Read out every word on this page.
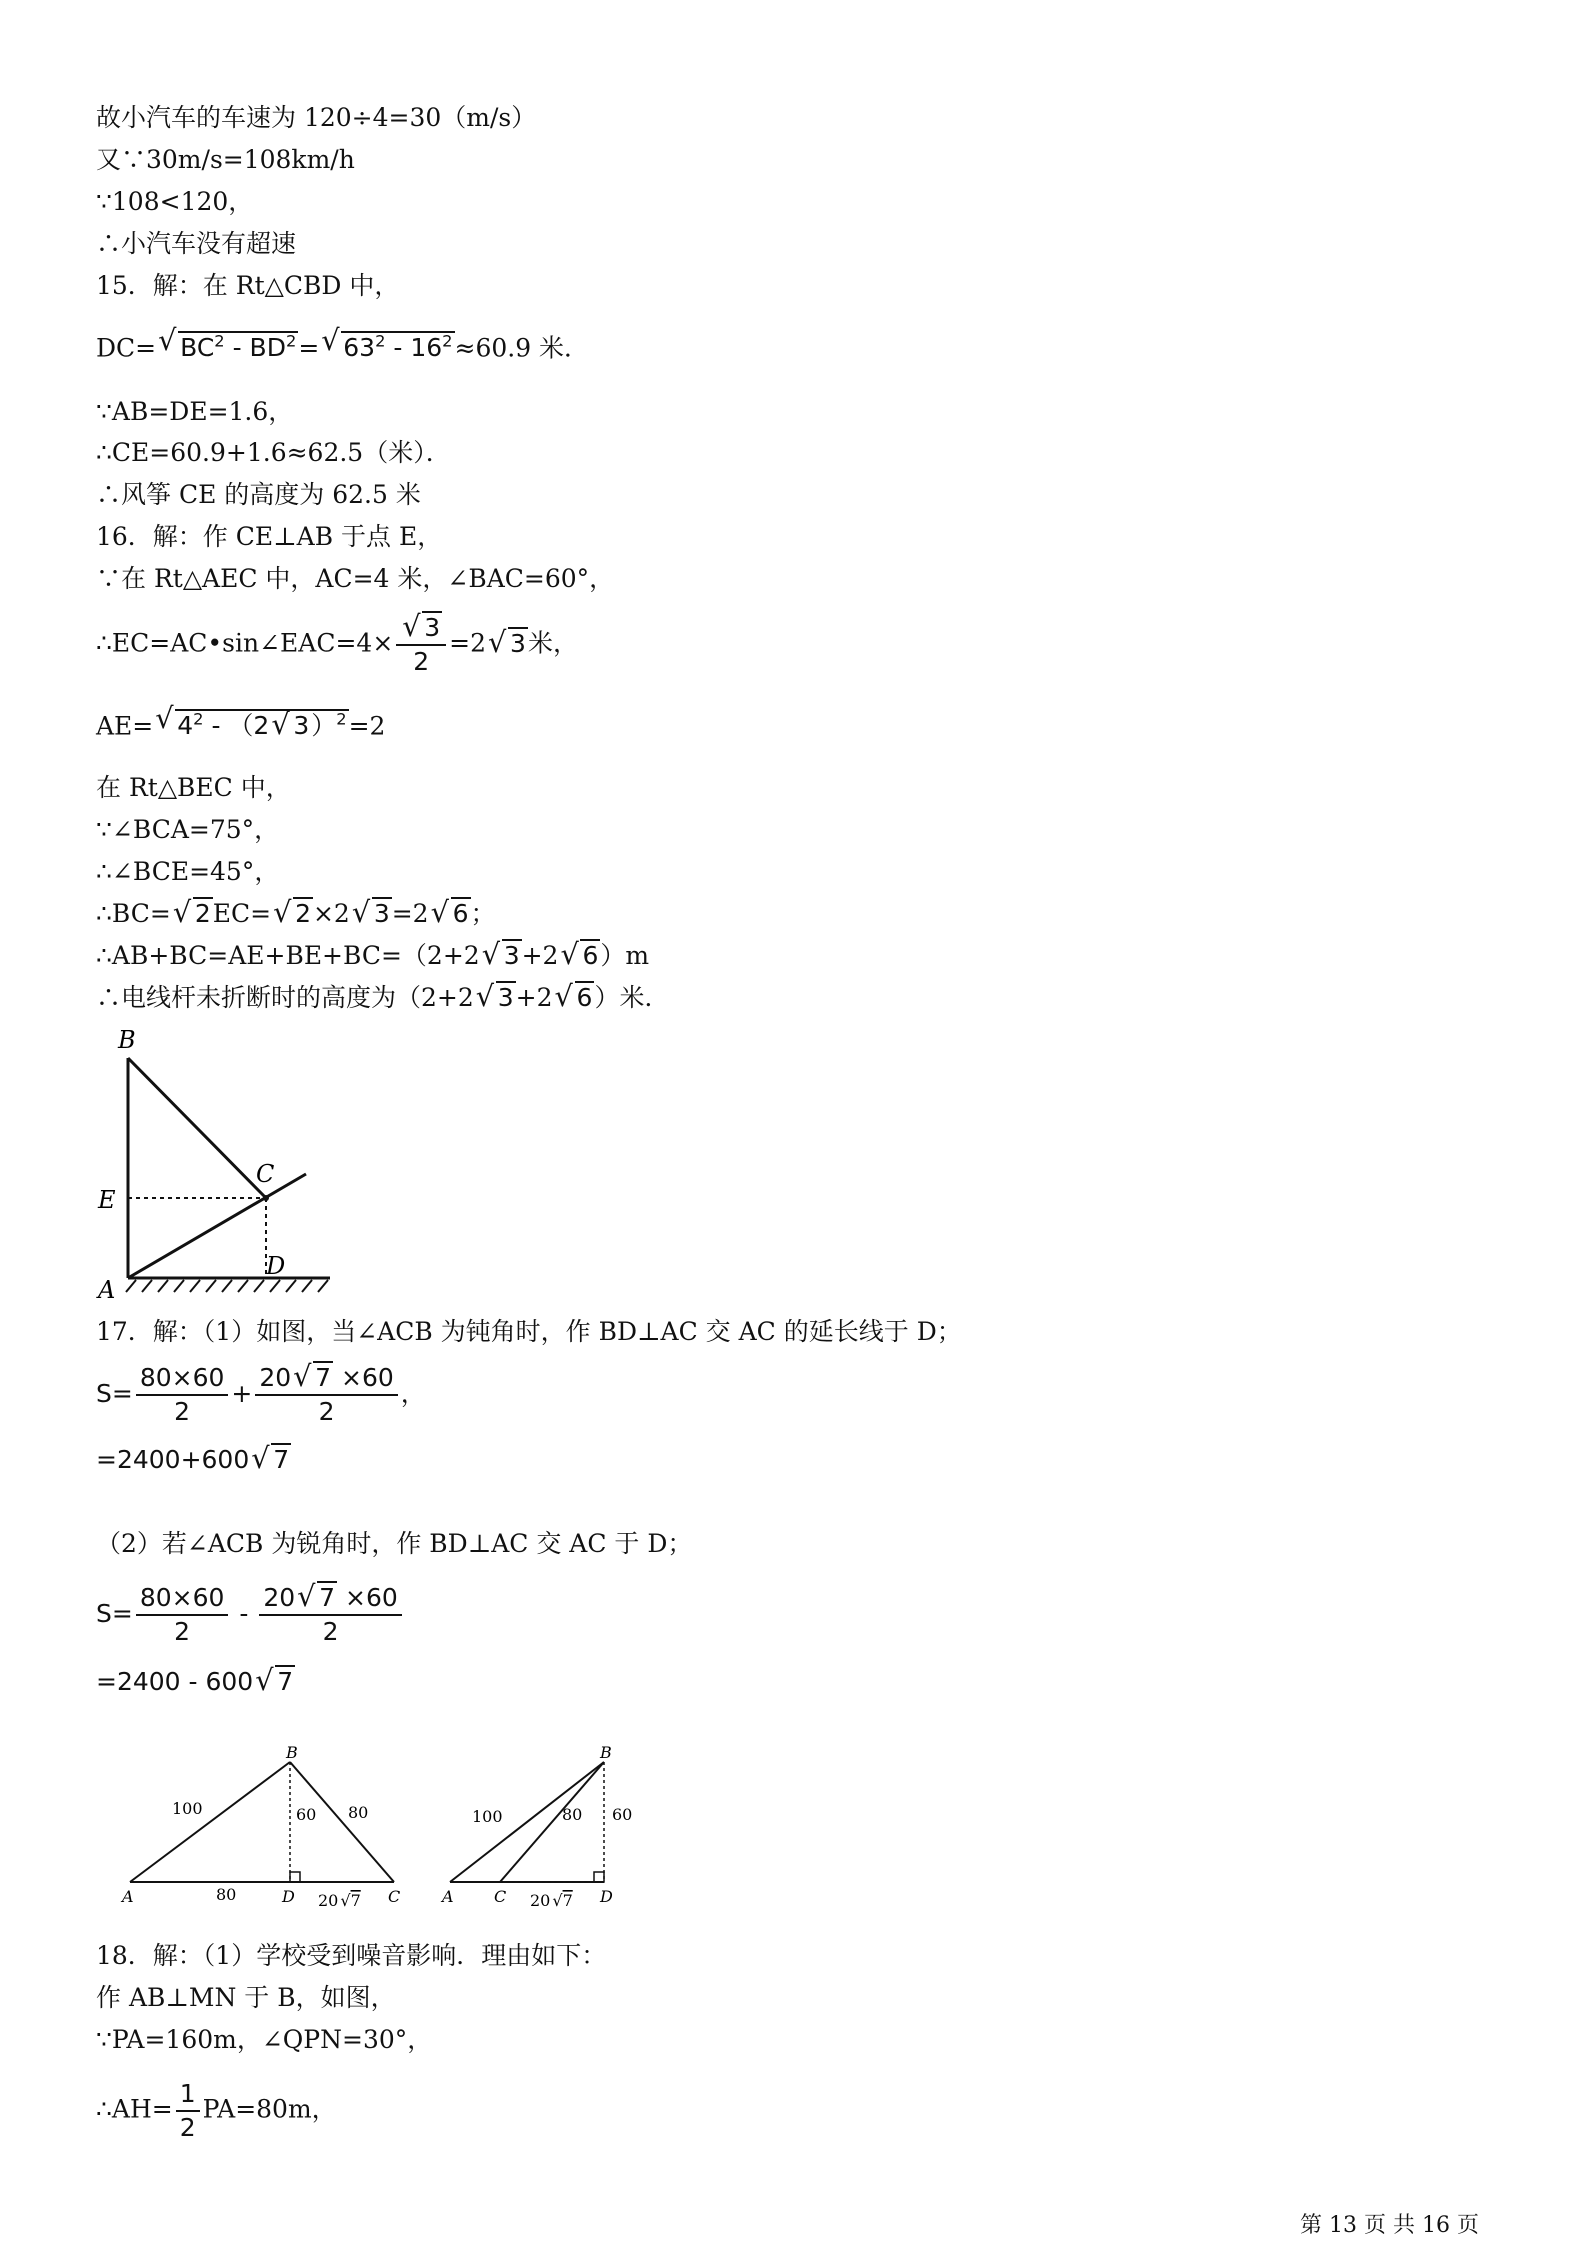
故小汽车的车速为 120÷4=30（m/s）
又∵30m/s=108km/h
∵108<120，
∴小汽车没有超速
15．解：在 Rt△CBD 中，
DC= √ $BC^2 - BD^2=$ √ $63^2 - 16^2\approx 60.9$ 米．
∵AB=DE=1.6，
∴CE=60.9+1.6≈62.5（米）．
∴风筝 CE 的高度为 62.5 米
16．解：作 CE⊥AB 于点 E，
∵在 Rt△AEC 中，AC=4 米，∠BAC=60°，
∴EC=AC•sin∠EAC=4× √ $\frac{3}{2} =2$ √ 3米，
AE= √ $4^2 - (2$ √ 3）$^2$=2
在 Rt△BEC 中，
∵∠BCA=75°，
∴∠BCE=45°，
∴BC= √ 2EC= √ 2×2 √ 3=2 √ 6；
∴AB+BC=AE+BE+BC=（2+2 √ 3+2 √ 6）m
∴电线杆未折断时的高度为（2+2 √ 3+2 √ 6）米．
B
C
E
A
D
17．解：（1）如图，当∠ACB 为钝角时，作 BD⊥AC 交 AC 的延长线于 D；
$S= \frac{80\times 60}{2} + \frac{20 √ 7 \times 60}{2}$ ，
=2400+600 √ 7
（2）若∠ACB 为锐角时，作 BD⊥AC 交 AC 于 D；
$S= \frac{80\times 60}{2} - \frac{20 √ 7 \times 60}{2}$
=2400 - 600 √ 7
B
A	D	C
100	60 80
80	20 √7
B
A	C	D
100	80 60
20 √7
18．解：（1）学校受到噪音影响．理由如下：
作 AB⊥MN 于 B，如图，
∵PA=160m，∠QPN=30°，
∴AH= $\frac{1}{2} PA=80m$，
第 13 页 共 16 页
